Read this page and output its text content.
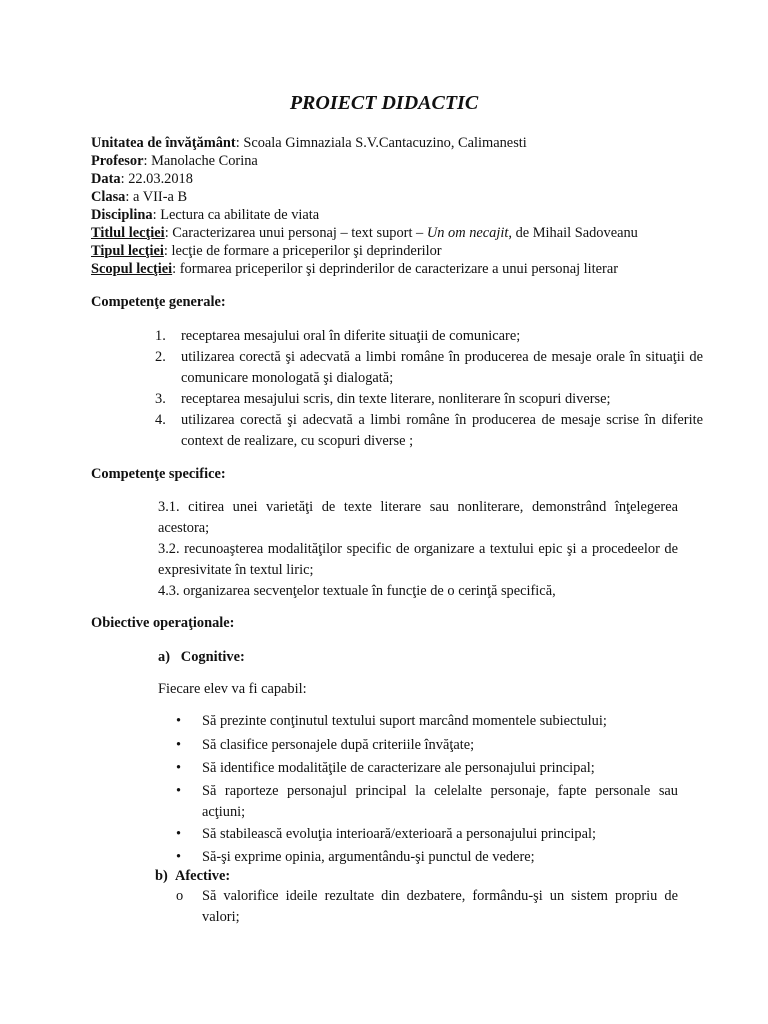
PROIECT DIDACTIC
Unitatea de învăţământ: Scoala Gimnaziala S.V.Cantacuzino, Calimanesti
Profesor: Manolache Corina
Data: 22.03.2018
Clasa: a VII-a B
Disciplina: Lectura ca abilitate de viata
Titlul lecţiei: Caracterizarea unui personaj – text suport – Un om necajit, de Mihail Sadoveanu
Tipul lecţiei: lecţie de formare a priceperilor şi deprinderilor
Scopul lecţiei: formarea priceperilor şi deprinderilor de caracterizare a unui personaj literar
Competenţe generale:
1.	receptarea mesajului oral în diferite situaţii de comunicare;
2.	utilizarea corectă şi adecvată a limbi române în producerea de mesaje orale în situaţii de comunicare monologată şi dialogată;
3.	receptarea mesajului scris, din texte literare, nonliterare în scopuri diverse;
4.	utilizarea corectă şi adecvată a limbi române în producerea de mesaje scrise în diferite context de realizare, cu scopuri diverse ;
Competenţe specifice:
3.1. citirea unei varietăţi de texte literare sau nonliterare, demonstrând înţelegerea acestora;
3.2. recunoaşterea modalităţilor specific de organizare a textului epic şi a procedeelor de expresivitate în textul liric;
4.3. organizarea secvenţelor textuale în funcţie de o cerinţă specifică,
Obiective operaţionale:
a) Cognitive:
Fiecare elev va fi capabil:
•	Să prezinte conţinutul textului suport marcând momentele subiectului;
•	Să clasifice personajele după criteriile învăţate;
•	Să identifice modalităţile de caracterizare ale personajului principal;
•	Să raporteze personajul principal la celelalte personaje, fapte personale sau acţiuni;
•	Să stabilească evoluţia interioară/exterioară a personajului principal;
•	Să-şi exprime opinia, argumentându-şi punctul de vedere;
b) Afective:
o	Să valorifice ideile rezultate din dezbatere, formându-şi un sistem propriu de valori;
